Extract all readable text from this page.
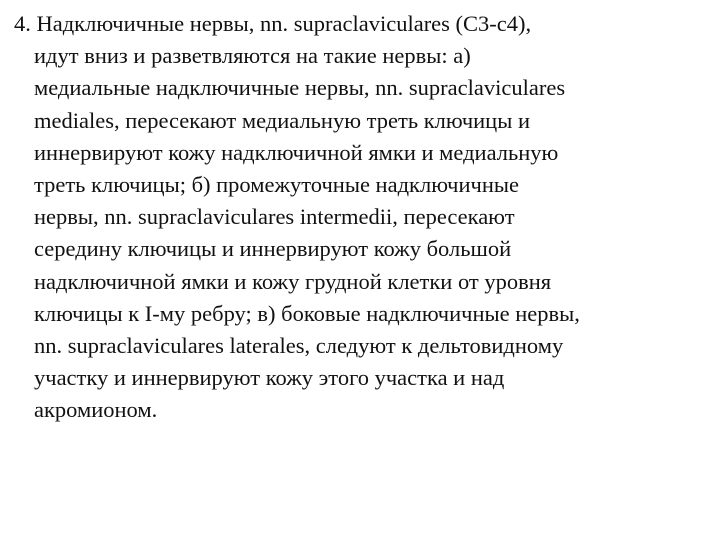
4. Надключичные нервы, nn. supraclaviculares (C3-c4),
идут вниз и разветвляются на такие нервы: а)
медиальные надключичные нервы, nn. supraclaviculares
mediales, пересекают медиальную треть ключицы и
иннервируют кожу надключичной ямки и медиальную
треть ключицы; б) промежуточные надключичные
нервы, nn. supraclaviculares intermedii, пересекают
середину ключицы и иннервируют кожу большой
надключичной ямки и кожу грудной клетки от уровня
ключицы к I-му ребру; в) боковые надключичные нервы,
nn. supraclaviculares laterales, следуют к дельтовидному
участку и иннервируют кожу этого участка и над
акромионом.
